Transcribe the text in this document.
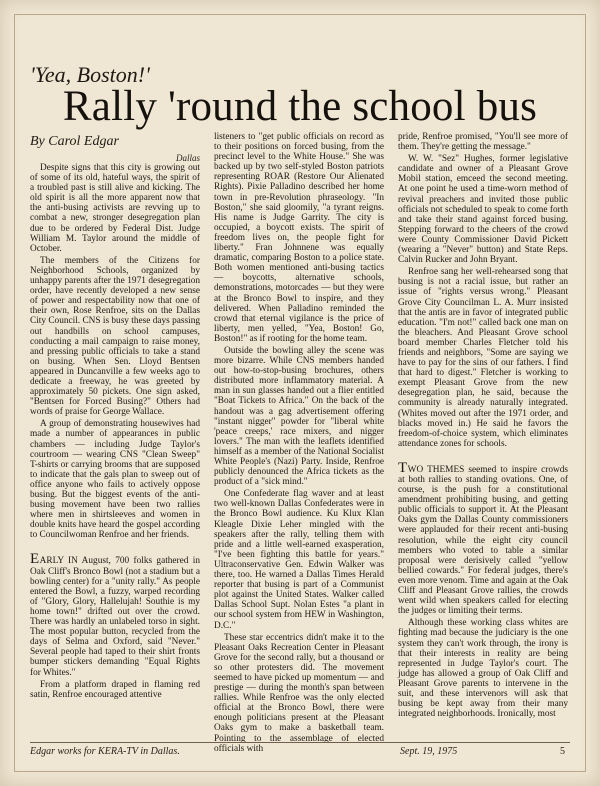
'Yea, Boston!'
Rally 'round the school bus
By Carol Edgar
Dallas

Despite signs that this city is growing out of some of its old, hateful ways, the spirit of a troubled past is still alive and kicking. The old spirit is all the more apparent now that the anti-busing activists are revving up to combat a new, stronger desegregation plan due to be ordered by Federal Dist. Judge William M. Taylor around the middle of October.

The members of the Citizens for Neighborhood Schools, organized by unhappy parents after the 1971 desegregation order, have recently developed a new sense of power and respectability now that one of their own, Rose Renfroe, sits on the Dallas City Council. CNS is busy these days passing out handbills on school campuses, conducting a mail campaign to raise money, and pressing public officials to take a stand on busing. When Sen. Lloyd Bentsen appeared in Duncanville a few weeks ago to dedicate a freeway, he was greeted by approximately 50 pickets. One sign asked, "Bentsen for Forced Busing?" Others had words of praise for George Wallace.

A group of demonstrating housewives had made a number of appearances in public chambers — including Judge Taylor's courtroom — wearing CNS "Clean Sweep" T-shirts or carrying brooms that are supposed to indicate that the gals plan to sweep out of office anyone who fails to actively oppose busing. But the biggest events of the anti-busing movement have been two rallies where men in shirtsleeves and women in double knits have heard the gospel according to Councilwoman Renfroe and her friends.

EARLY IN August, 700 folks gathered in Oak Cliff's Bronco Bowl (not a stadium but a bowling center) for a "unity rally." As people entered the Bowl, a fuzzy, warped recording of "Glory, Glory, Hallelujah! Southie is my home town!" drifted out over the crowd. There was hardly an unlabeled torso in sight. The most popular button, recycled from the days of Selma and Oxford, said "Never." Several people had taped to their shirt fronts bumper stickers demanding "Equal Rights for Whites."

From a platform draped in flaming red satin, Renfroe encouraged attentive

listeners to "get public officials on record as to their positions on forced busing, from the precinct level to the White House." She was backed up by two self-styled Boston patriots representing ROAR (Restore Our Alienated Rights). Pixie Palladino described her home town in pre-Revolution phraseology. "In Boston," she said gloomily, "a tyrant reigns. His name is Judge Garrity. The city is occupied, a boycott exists. The spirit of freedom lives on, the people fight for liberty." Fran Johnnene was equally dramatic, comparing Boston to a police state. Both women mentioned anti-busing tactics — boycotts, alternative schools, demonstrations, motorcades — but they were at the Bronco Bowl to inspire, and they delivered. When Palladino reminded the crowd that eternal vigilance is the price of liberty, men yelled, "Yea, Boston! Go, Boston!" as if rooting for the home team.

Outside the bowling alley the scene was more bizarre. While CNS members handed out how-to-stop-busing brochures, others distributed more inflammatory material. A man in sun glasses handed out a flier entitled "Boat Tickets to Africa." On the back of the handout was a gag advertisement offering "instant nigger" powder for "liberal white 'peace creeps,' race mixers, and nigger lovers." The man with the leaflets identified himself as a member of the National Socialist White People's (Nazi) Party. Inside, Renfroe publicly denounced the Africa tickets as the product of a "sick mind."

One Confederate flag waver and at least two well-known Dallas Confederates were in the Bronco Bowl audience. Ku Klux Klan Kleagle Dixie Leher mingled with the speakers after the rally, telling them with pride and a little well-earned exasperation, "I've been fighting this battle for years." Ultraconservative Gen. Edwin Walker was there, too. He warned a Dallas Times Herald reporter that busing is part of a Communist plot against the United States. Walker called Dallas School Supt. Nolan Estes "a plant in our school system from HEW in Washington, D.C."

These star eccentrics didn't make it to the Pleasant Oaks Recreation Center in Pleasant Grove for the second rally, but a thousand or so other protesters did. The movement seemed to have picked up momentum — and prestige — during the month's span between rallies. While Renfroe was the only elected official at the Bronco Bowl, there were enough politicians present at the Pleasant Oaks gym to make a basketball team. Pointing to the assemblage of elected officials with

pride, Renfroe promised, "You'll see more of them. They're getting the message."

W. W. "Sez" Hughes, former legislative candidate and owner of a Pleasant Grove Mobil station, emceed the second meeting. At one point he used a time-worn method of revival preachers and invited those public officials not scheduled to speak to come forth and take their stand against forced busing. Stepping forward to the cheers of the crowd were County Commissioner David Pickett (wearing a "Never" button) and State Reps. Calvin Rucker and John Bryant.

Renfroe sang her well-rehearsed song that busing is not a racial issue, but rather an issue of "rights versus wrong." Pleasant Grove City Councilman L. A. Murr insisted that the antis are in favor of integrated public education. "I'm not!" called back one man on the bleachers. And Pleasant Grove school board member Charles Fletcher told his friends and neighbors, "Some are saying we have to pay for the sins of our fathers. I find that hard to digest." Fletcher is working to exempt Pleasant Grove from the new desegregation plan, he said, because the community is already naturally integrated. (Whites moved out after the 1971 order, and blacks moved in.) He said he favors the freedom-of-choice system, which eliminates attendance zones for schools.

TWO THEMES seemed to inspire crowds at both rallies to standing ovations. One, of course, is the push for a constitutional amendment prohibiting busing, and getting public officials to support it. At the Pleasant Oaks gym the Dallas County commissioners were applauded for their recent anti-busing resolution, while the eight city council members who voted to table a similar proposal were derisively called "yellow bellied cowards." For federal judges, there's even more venom. Time and again at the Oak Cliff and Pleasant Grove rallies, the crowds went wild when speakers called for electing the judges or limiting their terms.

Although these working class whites are fighting mad because the judiciary is the one system they can't work through, the irony is that their interests in reality are being represented in Judge Taylor's court. The judge has allowed a group of Oak Cliff and Pleasant Grove parents to intervene in the suit, and these intervenors will ask that busing be kept away from their many integrated neighborhoods. Ironically, most

Edgar works for KERA-TV in Dallas.	Sept. 19, 1975	5
